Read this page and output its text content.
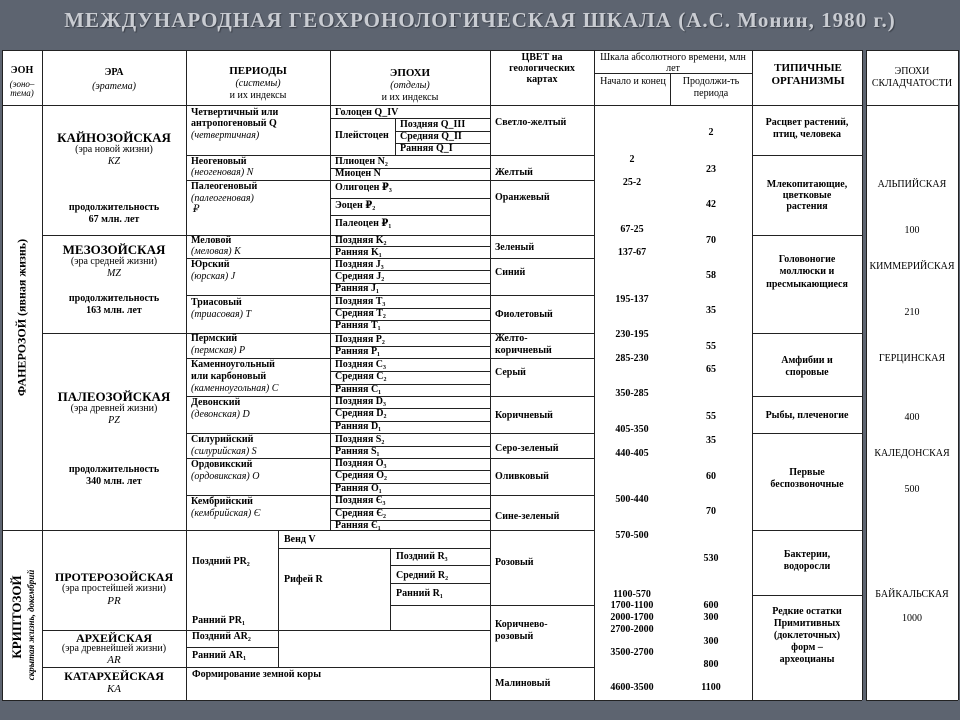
МЕЖДУНАРОДНАЯ ГЕОХРОНОЛОГИЧЕСКАЯ ШКАЛА (А.С. Монин, 1980 г.)
ЭОН
(эоно–тема)
ЭРА
(эратема)
ПЕРИОДЫ
(системы)
и их индексы
ЭПОХИ
(отделы)
и их индексы
ЦВЕТ на геологических картах
Шкала абсолютного времени, млн лет
Начало и конец	Продолжи-ть периода
ТИПИЧНЫЕ ОРГАНИЗМЫ
ЭПОХИ СКЛАДЧАТОСТИ
ФАНЕРОЗОЙ (явная жизнь)
КРИПТОЗОЙ скрытая жизнь, докембрий
КАЙНОЗОЙСКАЯ
(эра новой жизни)
KZ
продолжительность
67 млн. лет
МЕЗОЗОЙСКАЯ
(эра средней жизни)
MZ
продолжительность
163 млн. лет
ПАЛЕОЗОЙСКАЯ
(эра древней жизни)
PZ
продолжительность
340 млн. лет
ПРОТЕРОЗОЙСКАЯ
(эра простейшей жизни)
PR
АРХЕЙСКАЯ
(эра древнейшей жизни)
AR
КАТАРХЕЙСКАЯ
КА
Четвертичный или
антропогеновый Q
(четвертичная)
Неогеновый
(неогеновая) N
Палеогеновый
(палеогеновая)
₽
Меловой
(меловая) K
Юрский
(юрская) J
Триасовый
(триасовая) T
Пермский
(пермская) P
Каменноугольный
или карбоновый
(каменноугольная) C
Девонский
(девонская) D
Силурийский
(силурийская) S
Ордовикский
(ордовикская) O
Кембрийский
(кембрийская) Є
Поздний PR₂
Ранний PR₁
Поздний AR₂
Ранний AR₁
Формирование земной коры
Венд V
Рифей R
Голоцен Q_IV
Плейстоцен
Поздняя Q_III
Средняя Q_II
Ранняя Q_I
Плиоцен N₂
Миоцен N
Олигоцен ₽₃
Эоцен ₽₂
Палеоцен ₽₁
Поздняя K₂
Ранняя K₁
Поздняя J₃
Средняя J₂
Ранняя J₁
Поздняя T₃
Средняя T₂
Ранняя T₁
Поздняя P₂
Ранняя P₁
Поздняя C₃
Средняя C₂
Ранняя C₁
Поздняя D₃
Средняя D₂
Ранняя D₁
Поздняя S₂
Ранняя S₁
Поздняя O₃
Средняя O₂
Ранняя O₁
Поздняя Є₃
Средняя Є₂
Ранняя Є₁
Поздний R₃
Средний R₂
Ранний R₁
Светло-желтый
Желтый
Оранжевый
Зеленый
Синий
Фиолетовый
Желто-
коричневый
Серый
Коричневый
Серо-зеленый
Оливковый
Сине-зеленый
Розовый
Коричнево-
розовый
Малиновый
2
25-2
67-25
137-67
195-137
230-195
285-230
350-285
405-350
440-405
500-440
570-500
1100-570
1700-1100
2000-1700
2700-2000
3500-2700
4600-3500
2
23
42
70
58
35
55
65
55
35
60
70
530
600
300
300
800
1100
Расцвет растений,
птиц, человека
Млекопитающие,
цветковые
растения
Головоногие
моллюски и
пресмыкающиеся
Амфибии и
споровые
Рыбы, плеченогие
Первые
беспозвоночные
Бактерии,
водоросли
Редкие остатки
Примитивных
(доклеточных)
форм –
археоцианы
АЛЬПИЙСКАЯ
100
КИММЕРИЙСКАЯ
210
ГЕРЦИНСКАЯ
400
КАЛЕДОНСКАЯ
500
БАЙКАЛЬСКАЯ
1000
